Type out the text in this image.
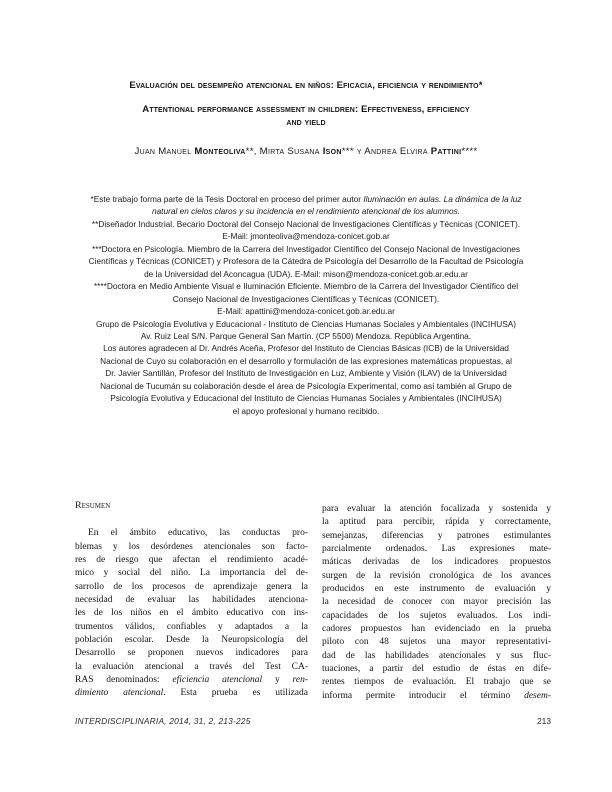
Evaluación del desempeño atencional en niños: Eficacia, eficiencia y rendimiento*
Attentional performance assessment in children: Effectiveness, efficiency
and yield
Juan Manuel Monteoliva**, Mirta Susana Ison*** y Andrea Elvira Pattini****
*Este trabajo forma parte de la Tesis Doctoral en proceso del primer autor Iluminación en aulas. La dinámica de la luz
natural en cielos claros y su incidencia en el rendimiento atencional de los alumnos.
**Diseñador Industrial. Becario Doctoral del Consejo Nacional de Investigaciones Científicas y Técnicas (CONICET).
E-Mail: jmonteoliva@mendoza-conicet.gob.ar
***Doctora en Psicología. Miembro de la Carrera del Investigador Científico del Consejo Nacional de Investigaciones
Científicas y Técnicas (CONICET) y Profesora de la Cátedra de Psicología del Desarrollo de la Facultad de Psicología
de la Universidad del Aconcagua (UDA). E-Mail: mison@mendoza-conicet.gob.ar.edu.ar
****Doctora en Medio Ambiente Visual e Iluminación Eficiente. Miembro de la Carrera del Investigador Científico del
Consejo Nacional de Investigaciones Científicas y Técnicas (CONICET).
E-Mail: apattini@mendoza-conicet.gob.ar.edu.ar
Grupo de Psicología Evolutiva y Educacional - Instituto de Ciencias Humanas Sociales y Ambientales (INCIHUSA)
Av. Ruiz Leal S/N. Parque General San Martín. (CP 5500) Mendoza. República Argentina.
Los autores agradecen al Dr. Andrés Aceña, Profesor del Instituto de Ciencias Básicas (ICB) de la Universidad
Nacional de Cuyo su colaboración en el desarrollo y formulación de las expresiones matemáticas propuestas, al
Dr. Javier Santillán, Profesor del Instituto de Investigación en Luz, Ambiente y Visión (ILAV) de la Universidad
Nacional de Tucumán su colaboración desde el área de Psicología Experimental, como así también al Grupo de
Psicología Evolutiva y Educacional del Instituto de Ciencias Humanas Sociales y Ambientales (INCIHUSA)
el apoyo profesional y humano recibido.
Resumen
En el ámbito educativo, las conductas pro-
blemas y los desórdenes atencionales son facto-
res de riesgo que afectan el rendimiento acadé-
mico y social del niño. La importancia del de-
sarrollo de los procesos de aprendizaje genera la
necesidad de evaluar las habilidades atenciona-
les de los niños en el ámbito educativo con ins-
trumentos válidos, confiables y adaptados a la
población escolar. Desde la Neuropsicología del
Desarrollo se proponen nuevos indicadores para
la evaluación atencional a través del Test CA-
RAS denominados: eficiencia atencional y ren-
dimiento atencional. Esta prueba es utilizada
para evaluar la atención focalizada y sostenida y
la aptitud para percibir, rápida y correctamente,
semejanzas, diferencias y patrones estimulantes
parcialmente ordenados. Las expresiones mate-
máticas derivadas de los indicadores propuestos
surgen de la revisión cronológica de los avances
producidos en este instrumento de evaluación y
la necesidad de conocer con mayor precisión las
capacidades de los sujetos evaluados. Los indi-
cadores propuestos han evidenciado en la prueba
piloto con 48 sujetos una mayor representativi-
dad de las habilidades atencionales y sus fluc-
tuaciones, a partir del estudio de éstas en dife-
rentes tiempos de evaluación. El trabajo que se
informa permite introducir el término desem-
INTERDISCIPLINARIA, 2014, 31, 2, 213-225	213
